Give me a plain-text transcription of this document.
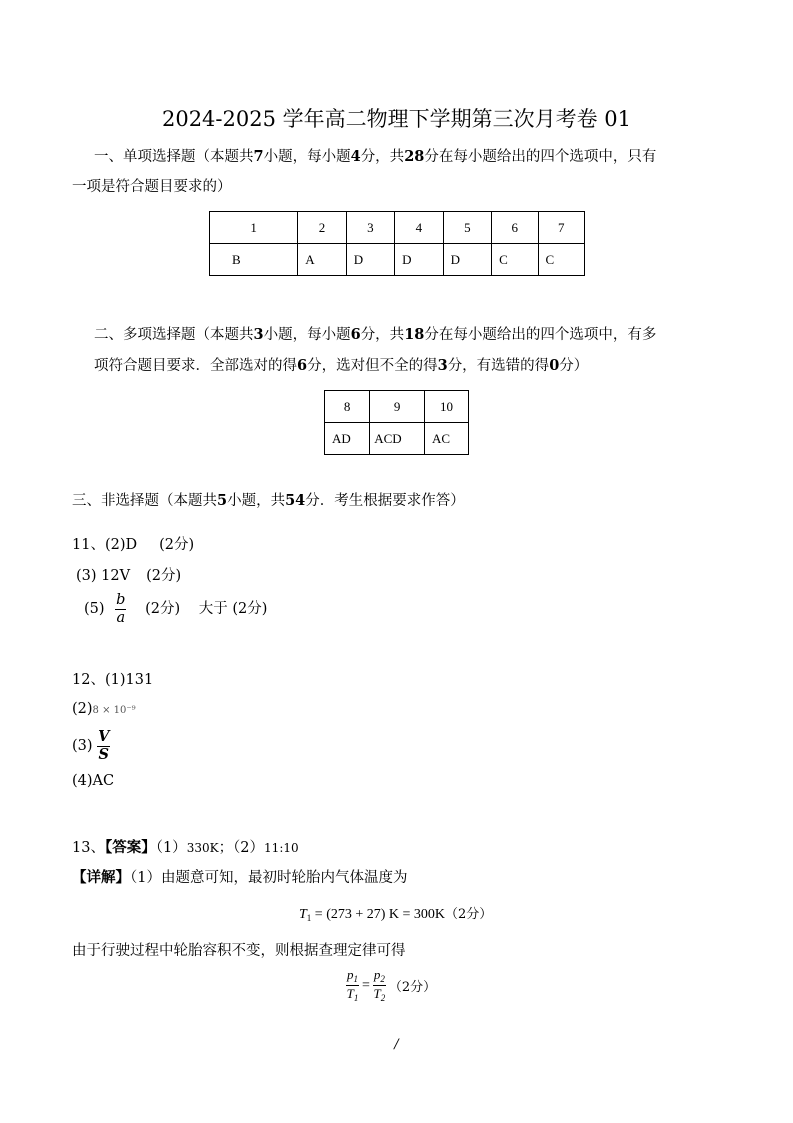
2024-2025 学年高二物理下学期第三次月考卷 01
一、单项选择题（本题共7小题，每小题4分，共28分在每小题给出的四个选项中，只有
一项是符合题目要求的）
1	2	3	4	5	6	7
B	A	D	D	D	C	C
二、多项选择题（本题共3小题，每小题6分，共18分在每小题给出的四个选项中，有多
项符合题目要求．全部选对的得6分，选对但不全的得3分，有选错的得0分）
8	9	10
AD	ACD	AC
三、非选择题（本题共5小题，共54分．考生根据要求作答）
11、(2)D (2分)
(3) 12V (2分)
$(5) \frac{b}{a} (2$分) 大于 (2分)
12、(1)131
(2)8 × 10⁻⁹
$(3) \frac{V}{S}$
(4)AC
13、【答案】（1）330K；（2）11:10
【详解】（1）由题意可知，最初时轮胎内气体温度为
$T_1 = (273 + 27) K = 300K(2$分）
由于行驶过程中轮胎容积不变，则根据查理定律可得
$\frac{p_1}{T_1} = \frac{p_2}{T_2} (2$分）
/
